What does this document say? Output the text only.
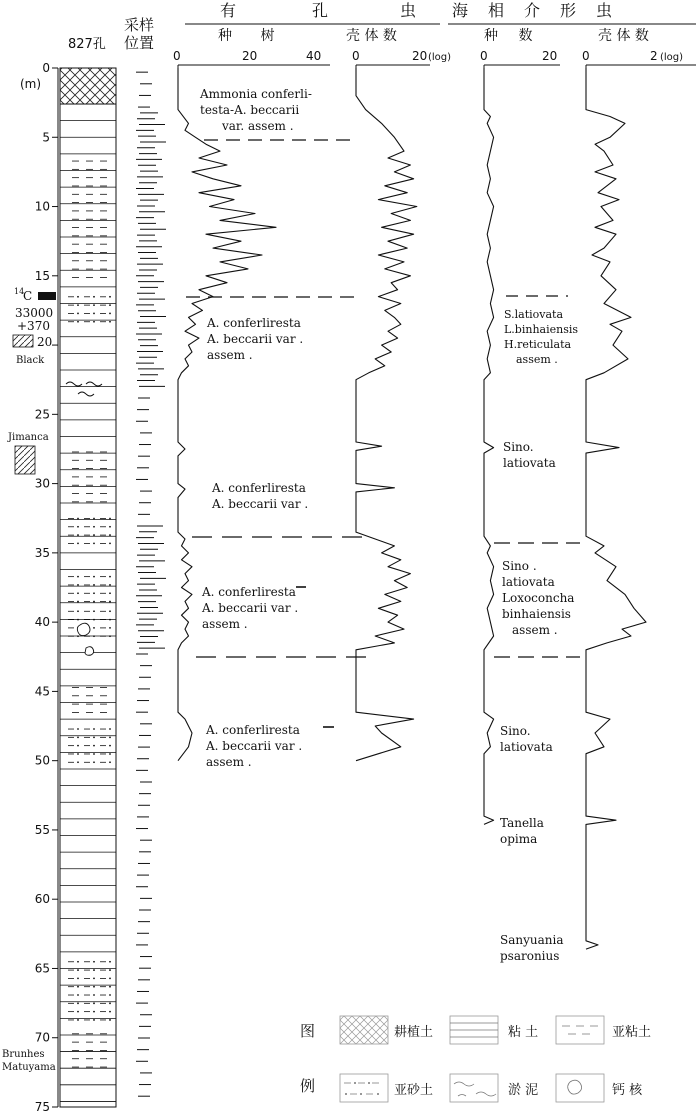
827孔
(m)
0
5
10
15
25
30
35
40
45
50
55
60
65
70
75
14
C
33000
+370
20
Black
Jimanca
Brunhes
Matuyama
采样
位置
有	孔	虫
种 树	壳 体 数
0	20	40	0	20 (log)
海 相 介 形 虫
种 数	壳 体 数
0	20 0	2 (log)
Ammonia conferli- testa-A. beccarii var. assem .
A. conferliresta A. beccarii var . assem .
A. conferliresta A. beccarii var .
A. conferliresta A. beccarii var . assem .
A. conferliresta A. beccarii var . assem .
S.latiovata L.binhaiensis H.reticulata assem .
Sino. latiovata
Sino . latiovata Loxoconcha binhaiensis assem .
Sino. latiovata
Tanella opima
Sanyuania psaronius
图
例
耕植土	粘 土	亚粘土
亚砂土	淤 泥	钙 核
